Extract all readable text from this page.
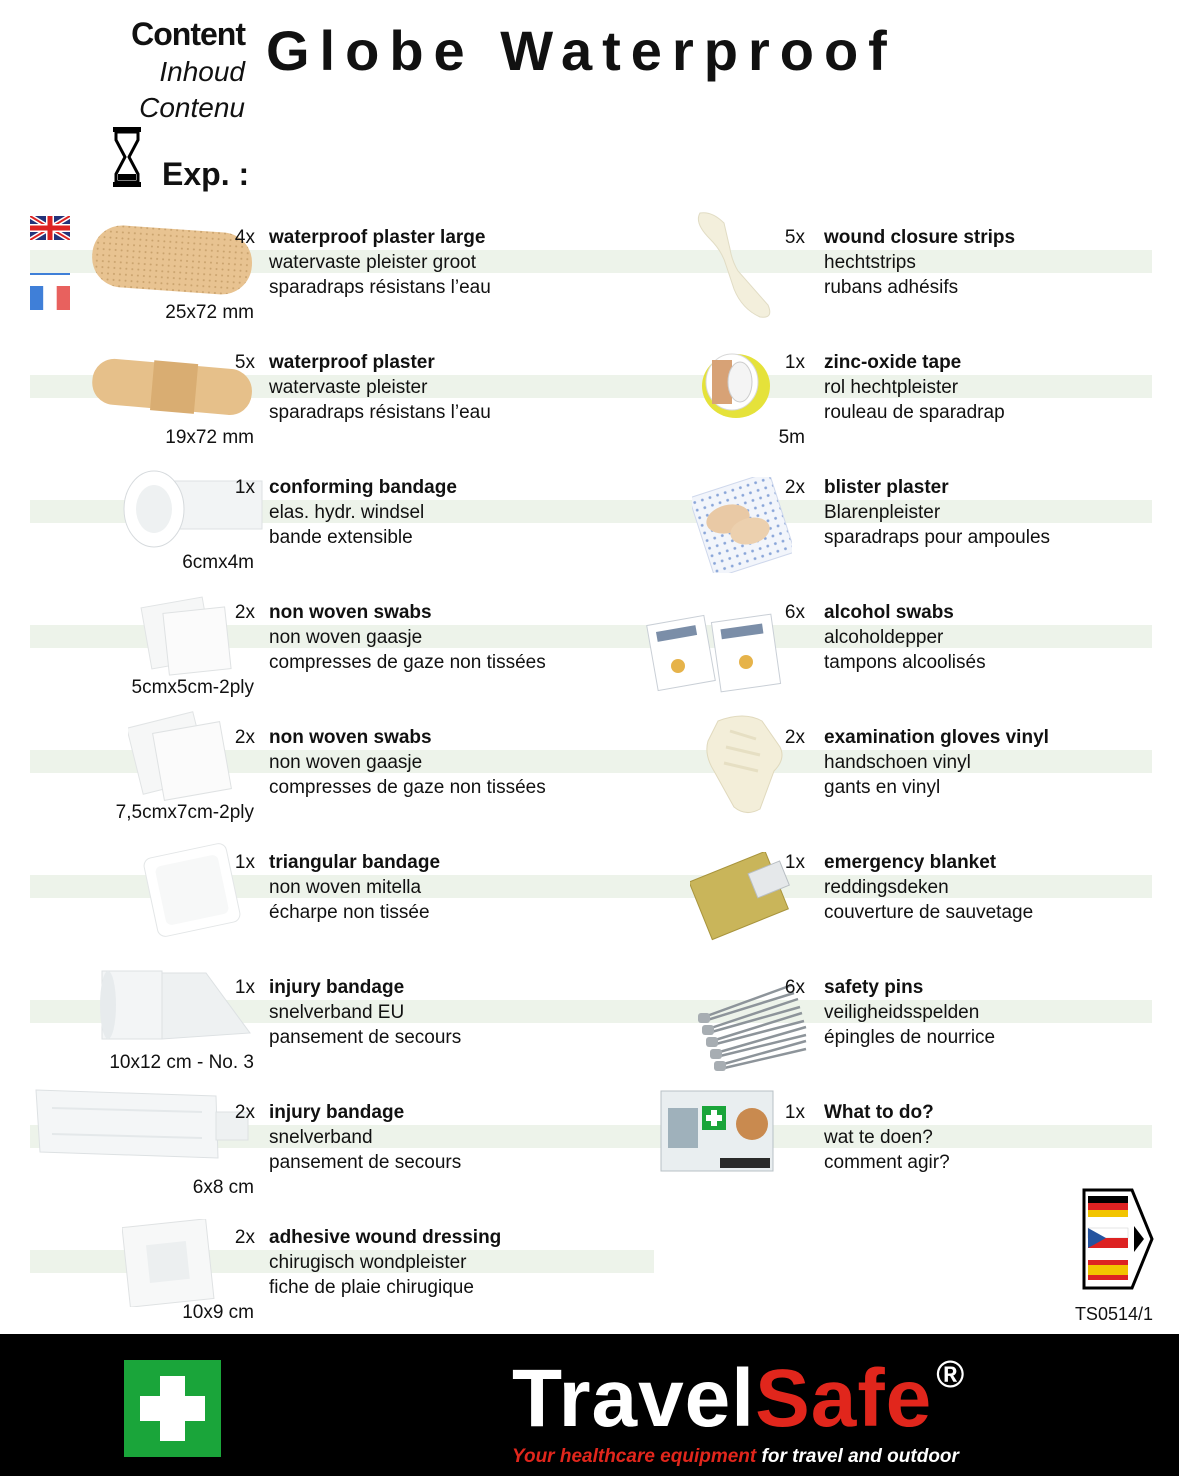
Content
Inhoud
Contenu
Globe Waterproof
Exp. :

4x waterproof plaster large
watervaste pleister groot
sparadraps résistans l’eau
25x72 mm
5x waterproof plaster
watervaste pleister
sparadraps résistans l’eau
19x72 mm
1x conforming bandage
elas. hydr. windsel
bande extensible
6cmx4m
2x non woven swabs
non woven gaasje
compresses de gaze non tissées
5cmx5cm-2ply
2x non woven swabs
non woven gaasje
compresses de gaze non tissées
7,5cmx7cm-2ply
1x triangular bandage
non woven mitella
écharpe non tissée
1x injury bandage
snelverband EU
pansement de secours
10x12 cm - No. 3
2x injury bandage
snelverband
pansement de secours
6x8 cm
2x adhesive wound dressing
chirugisch wondpleister
fiche de plaie chirugique
10x9 cm
5x wound closure strips
hechtstrips
rubans adhésifs
1x zinc-oxide tape
rol hechtpleister
rouleau de sparadrap
5m
2x blister plaster
Blarenpleister
sparadraps pour ampoules
6x alcohol swabs
alcoholdepper
tampons alcoolisés
2x examination gloves vinyl
handschoen vinyl
gants en vinyl
1x emergency blanket
reddingsdeken
couverture de sauvetage
6x safety pins
veiligheidsspelden
épingles de nourrice
1x What to do?
wat te doen?
comment agir?
TS0514/1
TravelSafe ®
Your healthcare equipment for travel and outdoor
